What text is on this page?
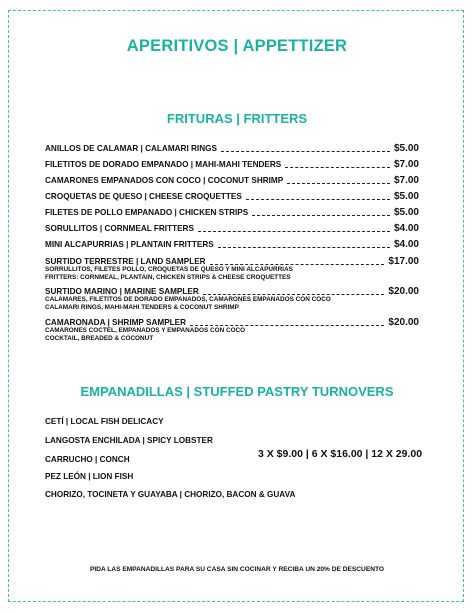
APERITIVOS | APPETTIZER
FRITURAS | FRITTERS
ANILLOS DE CALAMAR | CALAMARI RINGS	$5.00
FILETITOS DE DORADO EMPANADO | MAHI-MAHI TENDERS	$7.00
CAMARONES EMPANADOS CON COCO | COCONUT SHRIMP	$7.00
CROQUETAS DE QUESO | CHEESE CROQUETTES	$5.00
FILETES DE POLLO EMPANADO | CHICKEN STRIPS	$5.00
SORULLITOS | CORNMEAL FRITTERS	$4.00
MINI ALCAPURRIAS | PLANTAIN FRITTERS	$4.00
SURTIDO TERRESTRE | LAND SAMPLER	$17.00
SORRULLITOS, FILETES POLLO, CROQUETAS DE QUESO Y MINI ALCAPURRIAS
FRITTERS: CORNMEAL, PLANTAIN, CHICKEN STRIPS & CHEESE CROQUETTES
SURTIDO MARINO | MARINE SAMPLER	$20.00
CALAMARES, FILETITOS DE DORADO EMPANADOS, CAMARONES EMPANADOS CON COCO
CALAMARI RINGS, MAHI-MAHI TENDERS & COCONUT SHRIMP
CAMARONADA | SHRIMP SAMPLER	$20.00
CAMARONES COCTEL, EMPANADOS Y EMPANADOS CON COCO
COCKTAIL, BREADED & COCONUT
EMPANADILLAS | STUFFED PASTRY TURNOVERS
CETÍ | LOCAL FISH DELICACY
LANGOSTA ENCHILADA | SPICY LOBSTER
CARRUCHO | CONCH
PEZ LEÓN | LION FISH
CHORIZO, TOCINETA Y GUAYABA | CHORIZO, BACON & GUAVA
3 X $9.00 | 6 X $16.00 | 12 X 29.00
PIDA LAS EMPANADILLAS PARA SU CASA SIN COCINAR Y RECIBA UN 20% DE DESCUENTO
